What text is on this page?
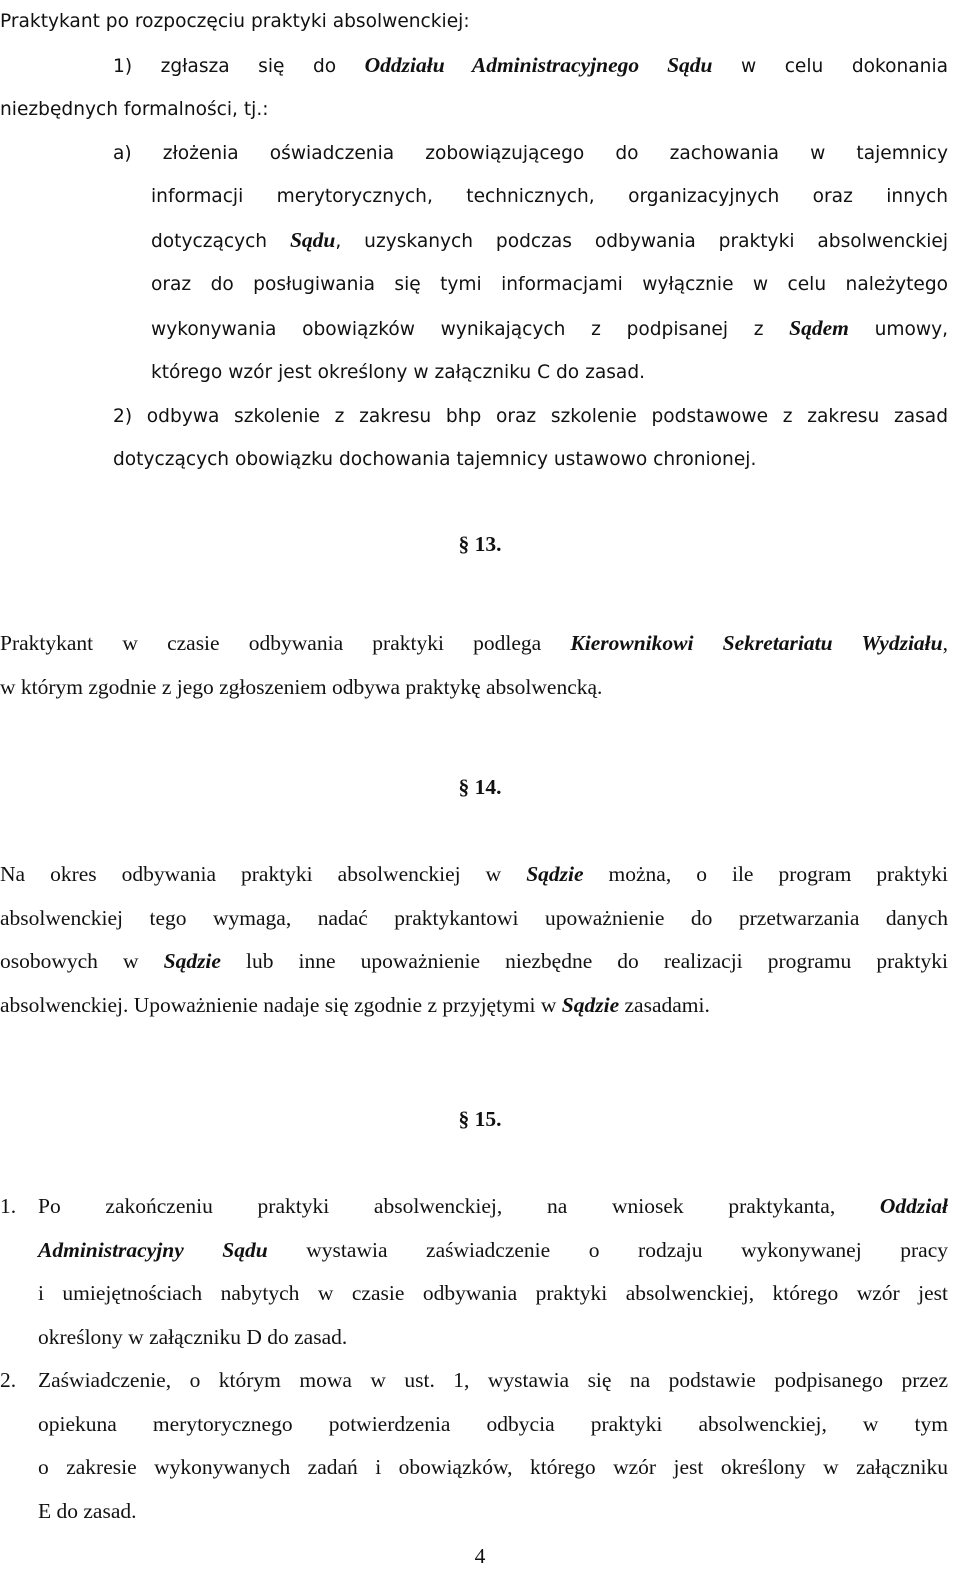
Praktykant po rozpoczęciu praktyki absolwenckiej:
1) zgłasza się do Oddziału Administracyjnego Sądu w celu dokonania
niezbędnych formalności, tj.:
a) złożenia oświadczenia zobowiązującego do zachowania w tajemnicy
informacji merytorycznych, technicznych, organizacyjnych oraz innych
dotyczących Sądu, uzyskanych podczas odbywania praktyki absolwenckiej
oraz do posługiwania się tymi informacjami wyłącznie w celu należytego
wykonywania obowiązków wynikających z podpisanej z Sądem umowy,
którego wzór jest określony w załączniku C do zasad.
2) odbywa szkolenie z zakresu bhp oraz szkolenie podstawowe z zakresu zasad
dotyczących obowiązku dochowania tajemnicy ustawowo chronionej.
§ 13.
Praktykant w czasie odbywania praktyki podlega Kierownikowi Sekretariatu Wydziału,
w którym zgodnie z jego zgłoszeniem odbywa praktykę absolwencką.
§ 14.
Na okres odbywania praktyki absolwenckiej w Sądzie można, o ile program praktyki
absolwenckiej tego wymaga, nadać praktykantowi upoważnienie do przetwarzania danych
osobowych w Sądzie lub inne upoważnienie niezbędne do realizacji programu praktyki
absolwenckiej. Upoważnienie nadaje się zgodnie z przyjętymi w Sądzie zasadami.
§ 15.
1.	Po zakończeniu praktyki absolwenckiej, na wniosek praktykanta, Oddział
Administracyjny Sądu wystawia zaświadczenie o rodzaju wykonywanej pracy
i umiejętnościach nabytych w czasie odbywania praktyki absolwenckiej, którego wzór jest
określony w załączniku D do zasad.
2.	Zaświadczenie, o którym mowa w ust. 1, wystawia się na podstawie podpisanego przez
opiekuna merytorycznego potwierdzenia odbycia praktyki absolwenckiej, w tym
o zakresie wykonywanych zadań i obowiązków, którego wzór jest określony w załączniku
E do zasad.
4
